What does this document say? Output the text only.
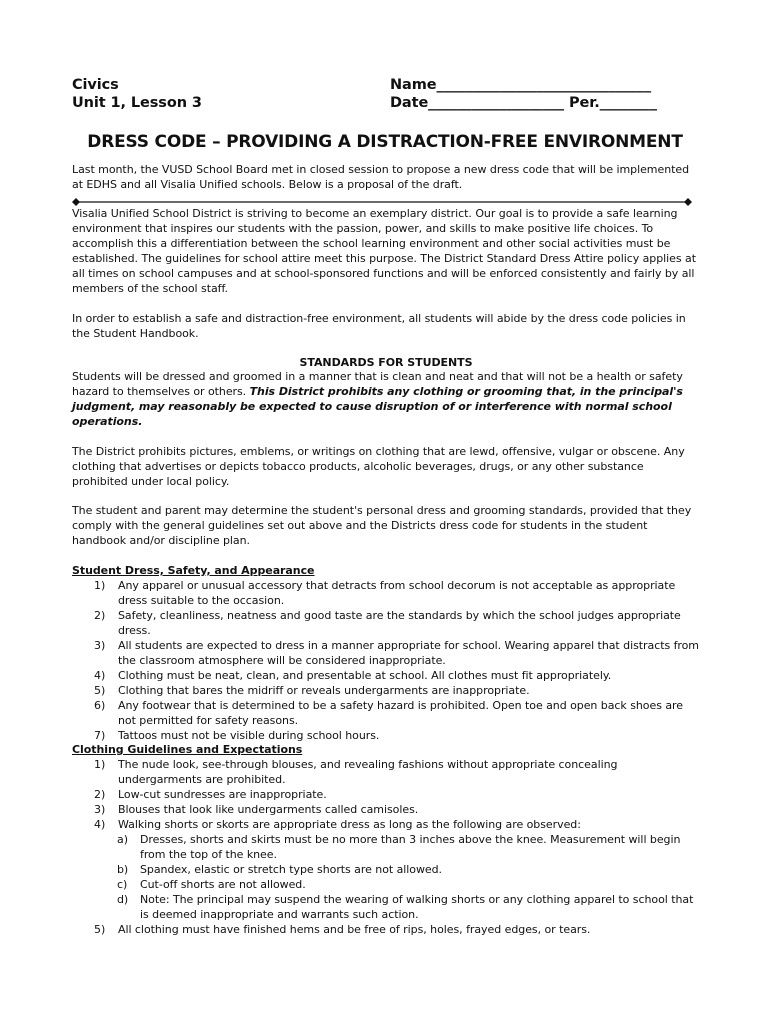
Civics
Unit 1, Lesson 3
Name______________________________
Date___________________ Per.________
DRESS CODE – PROVIDING A DISTRACTION-FREE ENVIRONMENT
Last month, the VUSD School Board met in closed session to propose a new dress code that will be implemented at EDHS and all Visalia Unified schools. Below is a proposal of the draft.
Visalia Unified School District is striving to become an exemplary district. Our goal is to provide a safe learning environment that inspires our students with the passion, power, and skills to make positive life choices. To accomplish this a differentiation between the school learning environment and other social activities must be established. The guidelines for school attire meet this purpose. The District Standard Dress Attire policy applies at all times on school campuses and at school-sponsored functions and will be enforced consistently and fairly by all members of the school staff.
In order to establish a safe and distraction-free environment, all students will abide by the dress code policies in the Student Handbook.
STANDARDS FOR STUDENTS
Students will be dressed and groomed in a manner that is clean and neat and that will not be a health or safety hazard to themselves or others. This District prohibits any clothing or grooming that, in the principal's judgment, may reasonably be expected to cause disruption of or interference with normal school operations.
The District prohibits pictures, emblems, or writings on clothing that are lewd, offensive, vulgar or obscene. Any clothing that advertises or depicts tobacco products, alcoholic beverages, drugs, or any other substance prohibited under local policy.
The student and parent may determine the student's personal dress and grooming standards, provided that they comply with the general guidelines set out above and the Districts dress code for students in the student handbook and/or discipline plan.
Student Dress, Safety, and Appearance
1) Any apparel or unusual accessory that detracts from school decorum is not acceptable as appropriate dress suitable to the occasion.
2) Safety, cleanliness, neatness and good taste are the standards by which the school judges appropriate dress.
3) All students are expected to dress in a manner appropriate for school. Wearing apparel that distracts from the classroom atmosphere will be considered inappropriate.
4) Clothing must be neat, clean, and presentable at school. All clothes must fit appropriately.
5) Clothing that bares the midriff or reveals undergarments are inappropriate.
6) Any footwear that is determined to be a safety hazard is prohibited. Open toe and open back shoes are not permitted for safety reasons.
7) Tattoos must not be visible during school hours.
Clothing Guidelines and Expectations
1) The nude look, see-through blouses, and revealing fashions without appropriate concealing undergarments are prohibited.
2) Low-cut sundresses are inappropriate.
3) Blouses that look like undergarments called camisoles.
4) Walking shorts or skorts are appropriate dress as long as the following are observed:
a) Dresses, shorts and skirts must be no more than 3 inches above the knee. Measurement will begin from the top of the knee.
b) Spandex, elastic or stretch type shorts are not allowed.
c) Cut-off shorts are not allowed.
d) Note: The principal may suspend the wearing of walking shorts or any clothing apparel to school that is deemed inappropriate and warrants such action.
5) All clothing must have finished hems and be free of rips, holes, frayed edges, or tears.
